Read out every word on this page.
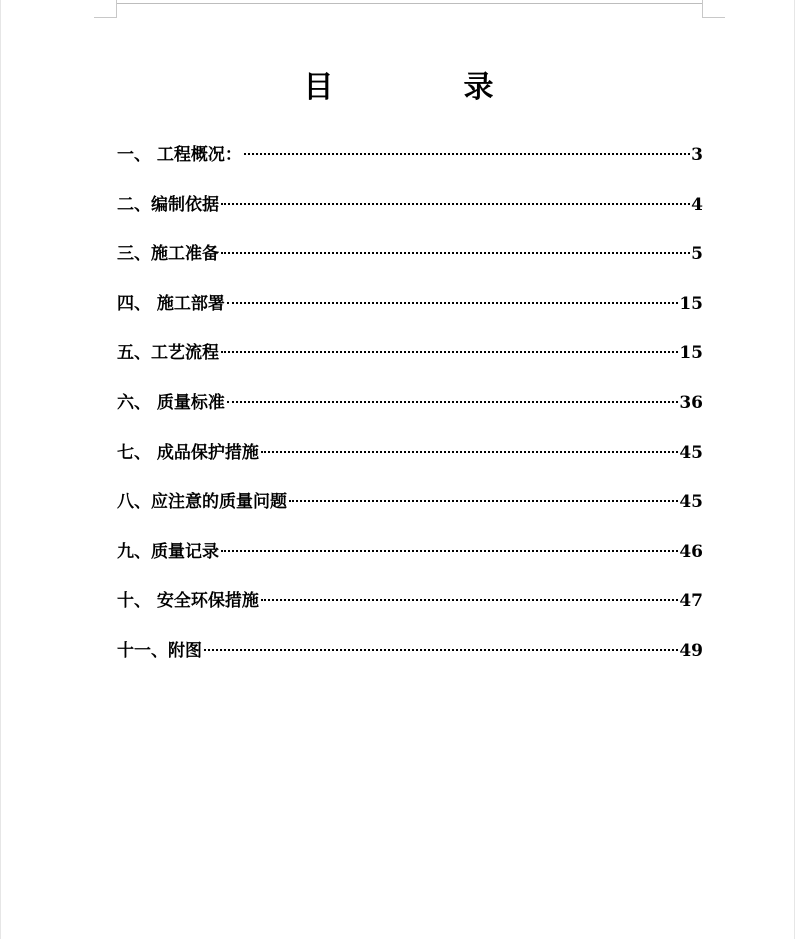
目	录
一、 工程概况：	3
二、编制依据	4
三、施工准备	5
四、 施工部署	15
五、工艺流程	15
六、 质量标准	36
七、 成品保护措施	45
八、应注意的质量问题	45
九、质量记录	46
十、 安全环保措施	47
十一、附图	49
